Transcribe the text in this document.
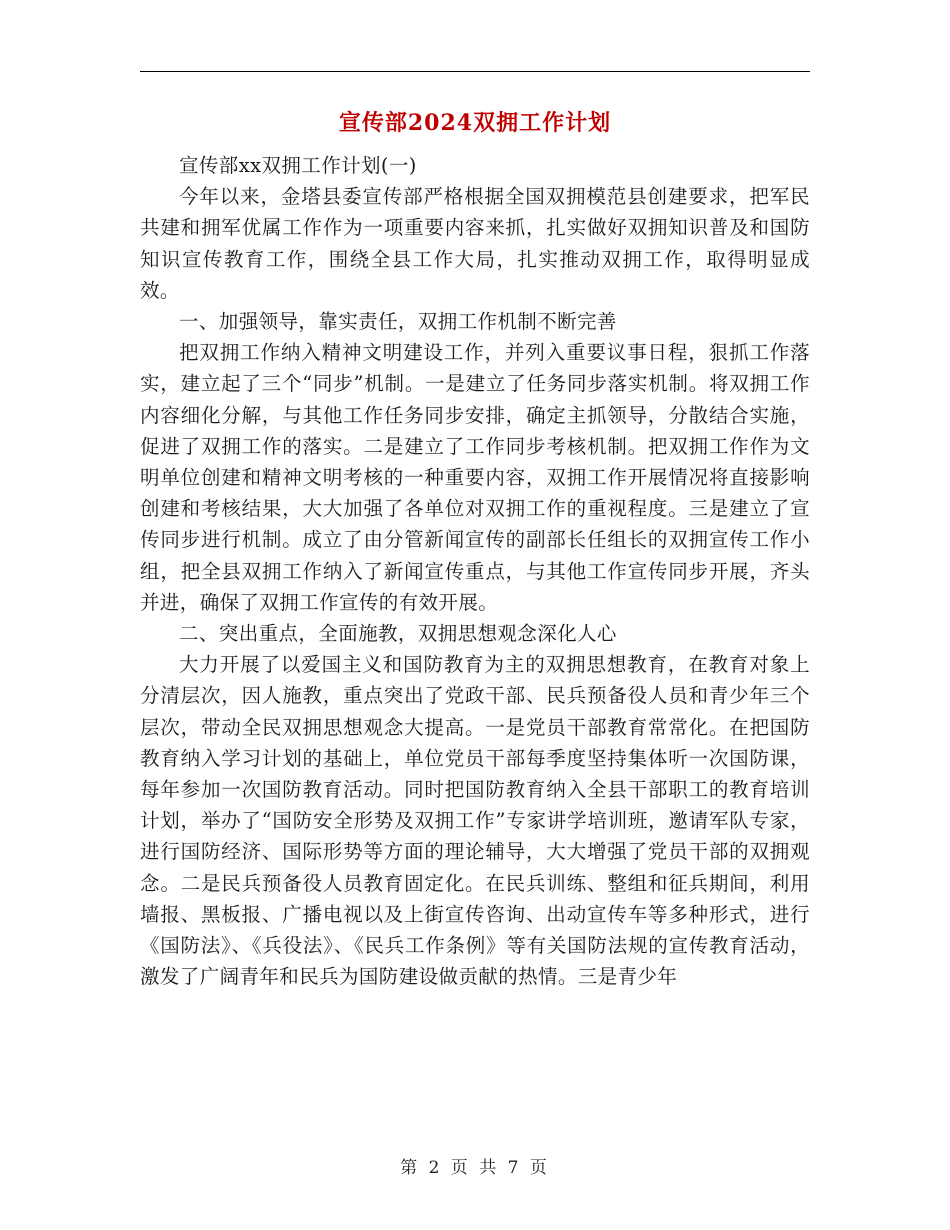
宣传部2024双拥工作计划

宣传部xx双拥工作计划(一)

今年以来，金塔县委宣传部严格根据全国双拥模范县创建要求，把军民共建和拥军优属工作作为一项重要内容来抓，扎实做好双拥知识普及和国防知识宣传教育工作，围绕全县工作大局，扎实推动双拥工作，取得明显成效。

一、加强领导，靠实责任，双拥工作机制不断完善

把双拥工作纳入精神文明建设工作，并列入重要议事日程，狠抓工作落实，建立起了三个“同步”机制。一是建立了任务同步落实机制。将双拥工作内容细化分解，与其他工作任务同步安排，确定主抓领导，分散结合实施，促进了双拥工作的落实。二是建立了工作同步考核机制。把双拥工作作为文明单位创建和精神文明考核的一种重要内容，双拥工作开展情况将直接影响创建和考核结果，大大加强了各单位对双拥工作的重视程度。三是建立了宣传同步进行机制。成立了由分管新闻宣传的副部长任组长的双拥宣传工作小组，把全县双拥工作纳入了新闻宣传重点，与其他工作宣传同步开展，齐头并进，确保了双拥工作宣传的有效开展。

二、突出重点，全面施教，双拥思想观念深化人心

大力开展了以爱国主义和国防教育为主的双拥思想教育，在教育对象上分清层次，因人施教，重点突出了党政干部、民兵预备役人员和青少年三个层次，带动全民双拥思想观念大提高。一是党员干部教育常常化。在把国防教育纳入学习计划的基础上，单位党员干部每季度坚持集体听一次国防课，每年参加一次国防教育活动。同时把国防教育纳入全县干部职工的教育培训计划，举办了“国防安全形势及双拥工作”专家讲学培训班，邀请军队专家，进行国防经济、国际形势等方面的理论辅导，大大增强了党员干部的双拥观念。二是民兵预备役人员教育固定化。在民兵训练、整组和征兵期间，利用墙报、黑板报、广播电视以及上街宣传咨询、出动宣传车等多种形式，进行《国防法》、《兵役法》、《民兵工作条例》等有关国防法规的宣传教育活动，激发了广阔青年和民兵为国防建设做贡献的热情。三是青少年

第 2 页 共 7 页
